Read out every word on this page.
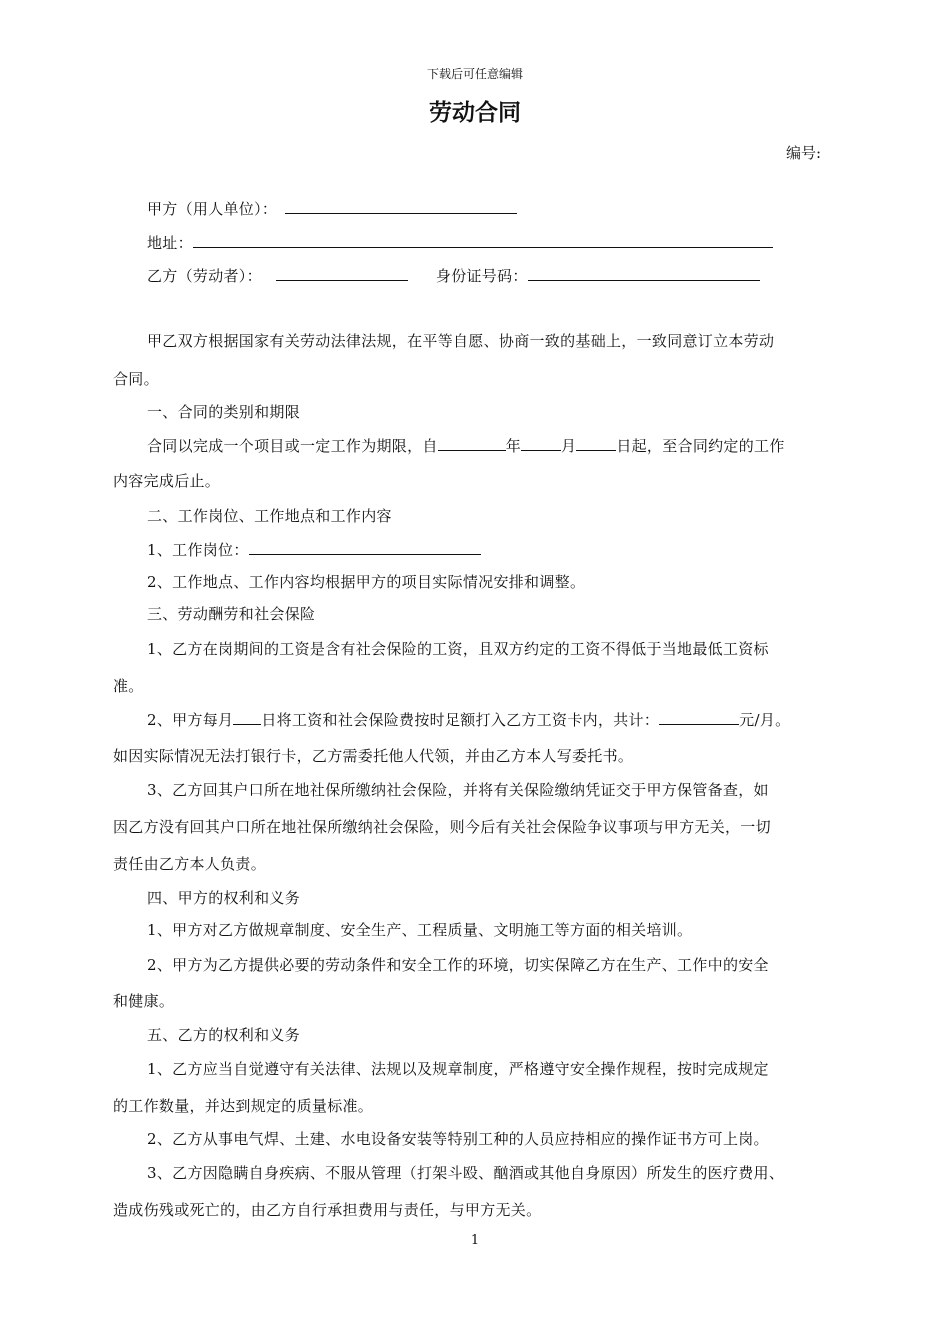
下载后可任意编辑
劳动合同
编号:
甲方（用人单位）：
地址：
乙方（劳动者）：	身份证号码：
甲乙双方根据国家有关劳动法律法规，在平等自愿、协商一致的基础上，一致同意订立本劳动
合同。
一、合同的类别和期限
合同以完成一个项目或一定工作为期限，自	年	月	日起，至合同约定的工作
内容完成后止。
二、工作岗位、工作地点和工作内容
1、工作岗位：
2、工作地点、工作内容均根据甲方的项目实际情况安排和调整。
三、劳动酬劳和社会保险
1、乙方在岗期间的工资是含有社会保险的工资，且双方约定的工资不得低于当地最低工资标
准。
2、甲方每月 日将工资和社会保险费按时足额打入乙方工资卡内，共计：	元/月。
如因实际情况无法打银行卡，乙方需委托他人代领，并由乙方本人写委托书。
3、乙方回其户口所在地社保所缴纳社会保险，并将有关保险缴纳凭证交于甲方保管备查，如
因乙方没有回其户口所在地社保所缴纳社会保险，则今后有关社会保险争议事项与甲方无关，一切
责任由乙方本人负责。
四、甲方的权利和义务
1、甲方对乙方做规章制度、安全生产、工程质量、文明施工等方面的相关培训。
2、甲方为乙方提供必要的劳动条件和安全工作的环境，切实保障乙方在生产、工作中的安全
和健康。
五、乙方的权利和义务
1、乙方应当自觉遵守有关法律、法规以及规章制度，严格遵守安全操作规程，按时完成规定
的工作数量，并达到规定的质量标准。
2、乙方从事电气焊、土建、水电设备安装等特别工种的人员应持相应的操作证书方可上岗。
3、乙方因隐瞒自身疾病、不服从管理（打架斗殴、酗酒或其他自身原因）所发生的医疗费用、
造成伤残或死亡的，由乙方自行承担费用与责任，与甲方无关。
1
